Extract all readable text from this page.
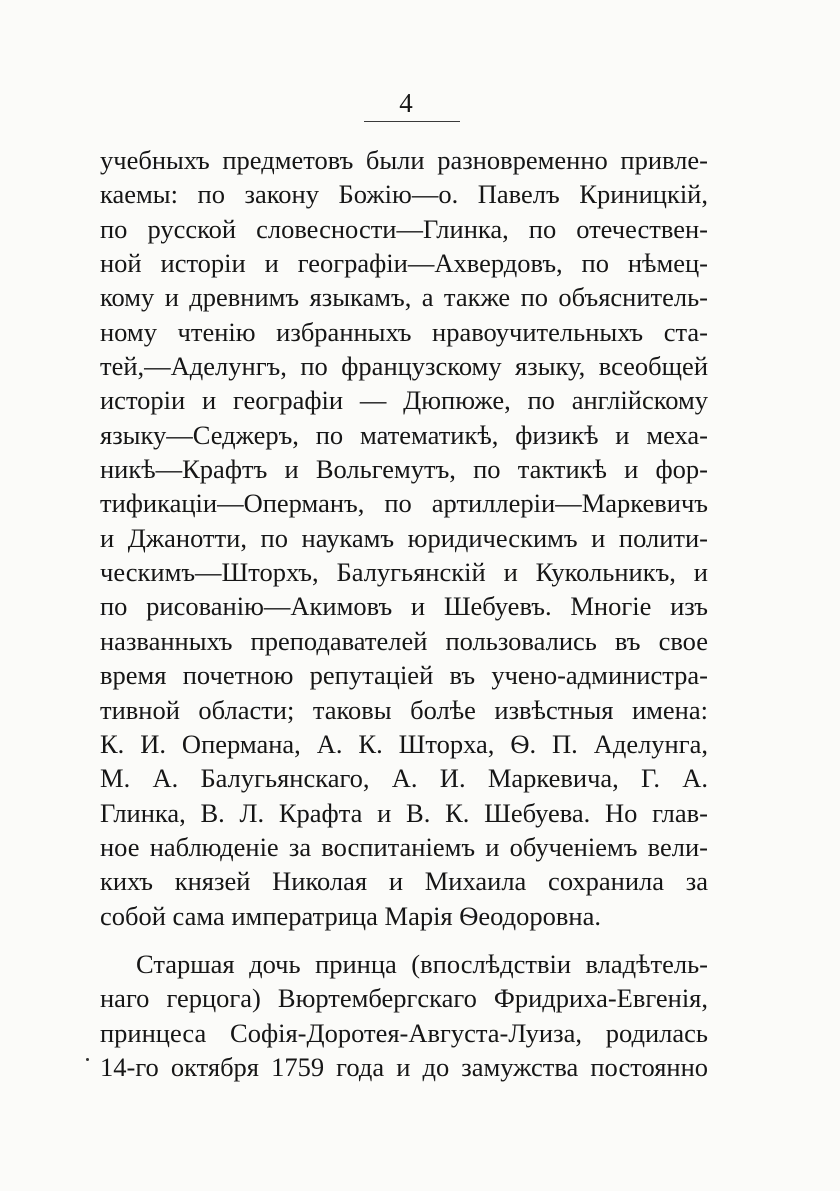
4
учебныхъ предметовъ были разновременно привле-
каемы: по закону Божію—о. Павелъ Криницкій,
по русской словесности—Глинка, по отечествен-
ной исторіи и географіи—Ахвердовъ, по нѣмец-
кому и древнимъ языкамъ, а также по объяснитель-
ному чтенію избранныхъ нравоучительныхъ ста-
тей,—Аделунгъ, по французскому языку, всеобщей
исторіи и географіи — Дюпюже, по англійскому
языку—Седжеръ, по математикѣ, физикѣ и меха-
никѣ—Крафтъ и Вольгемутъ, по тактикѣ и фор-
тификаціи—Оперманъ, по артиллеріи—Маркевичъ
и Джанотти, по наукамъ юридическимъ и полити-
ческимъ—Шторхъ, Балугьянскій и Кукольникъ, и
по рисованію—Акимовъ и Шебуевъ. Многіе изъ
названныхъ преподавателей пользовались въ свое
время почетною репутаціей въ учено-администра-
тивной области; таковы болѣе извѣстныя имена:
К. И. Опермана, А. К. Шторха, Ѳ. П. Аделунга,
М. А. Балугьянскаго, А. И. Маркевича, Г. А.
Глинка, В. Л. Крафта и В. К. Шебуева. Но глав-
ное наблюденіе за воспитаніемъ и обученіемъ вели-
кихъ князей Николая и Михаила сохранила за
собой сама императрица Марія Ѳеодоровна.
Старшая дочь принца (впослѣдствіи владѣтель-
наго герцога) Вюртембергскаго Фридриха-Евгенія,
принцеса Софія-Доротея-Августа-Луиза, родилась
14-го октября 1759 года и до замужства постоянно
